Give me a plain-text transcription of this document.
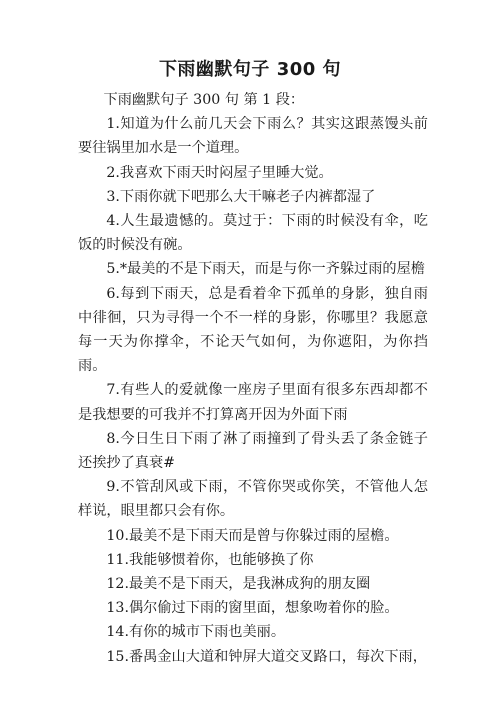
下雨幽默句子 300 句

下雨幽默句子 300 句 第 1 段：

1.知道为什么前几天会下雨么？其实这跟蒸馒头前要往锅里加水是一个道理。

2.我喜欢下雨天时闷屋子里睡大觉。

3.下雨你就下吧那么大干嘛老子内裤都湿了

4.人生最遗憾的。莫过于：下雨的时候没有伞，吃饭的时候没有碗。

5.*最美的不是下雨天，而是与你一齐躲过雨的屋檐

6.每到下雨天，总是看着伞下孤单的身影，独自雨中徘徊，只为寻得一个不一样的身影，你哪里？我愿意每一天为你撑伞，不论天气如何，为你遮阳，为你挡雨。

7.有些人的爱就像一座房子里面有很多东西却都不是我想要的可我并不打算离开因为外面下雨

8.今日生日下雨了淋了雨撞到了骨头丢了条金链子还挨抄了真衰#

9.不管刮风或下雨，不管你哭或你笑，不管他人怎样说，眼里都只会有你。

10.最美不是下雨天而是曾与你躲过雨的屋檐。

11.我能够惯着你，也能够换了你

12.最美不是下雨天，是我淋成狗的朋友圈

13.偶尔偷过下雨的窗里面，想象吻着你的脸。

14.有你的城市下雨也美丽。

15.番禺金山大道和钟屏大道交叉路口，每次下雨，
